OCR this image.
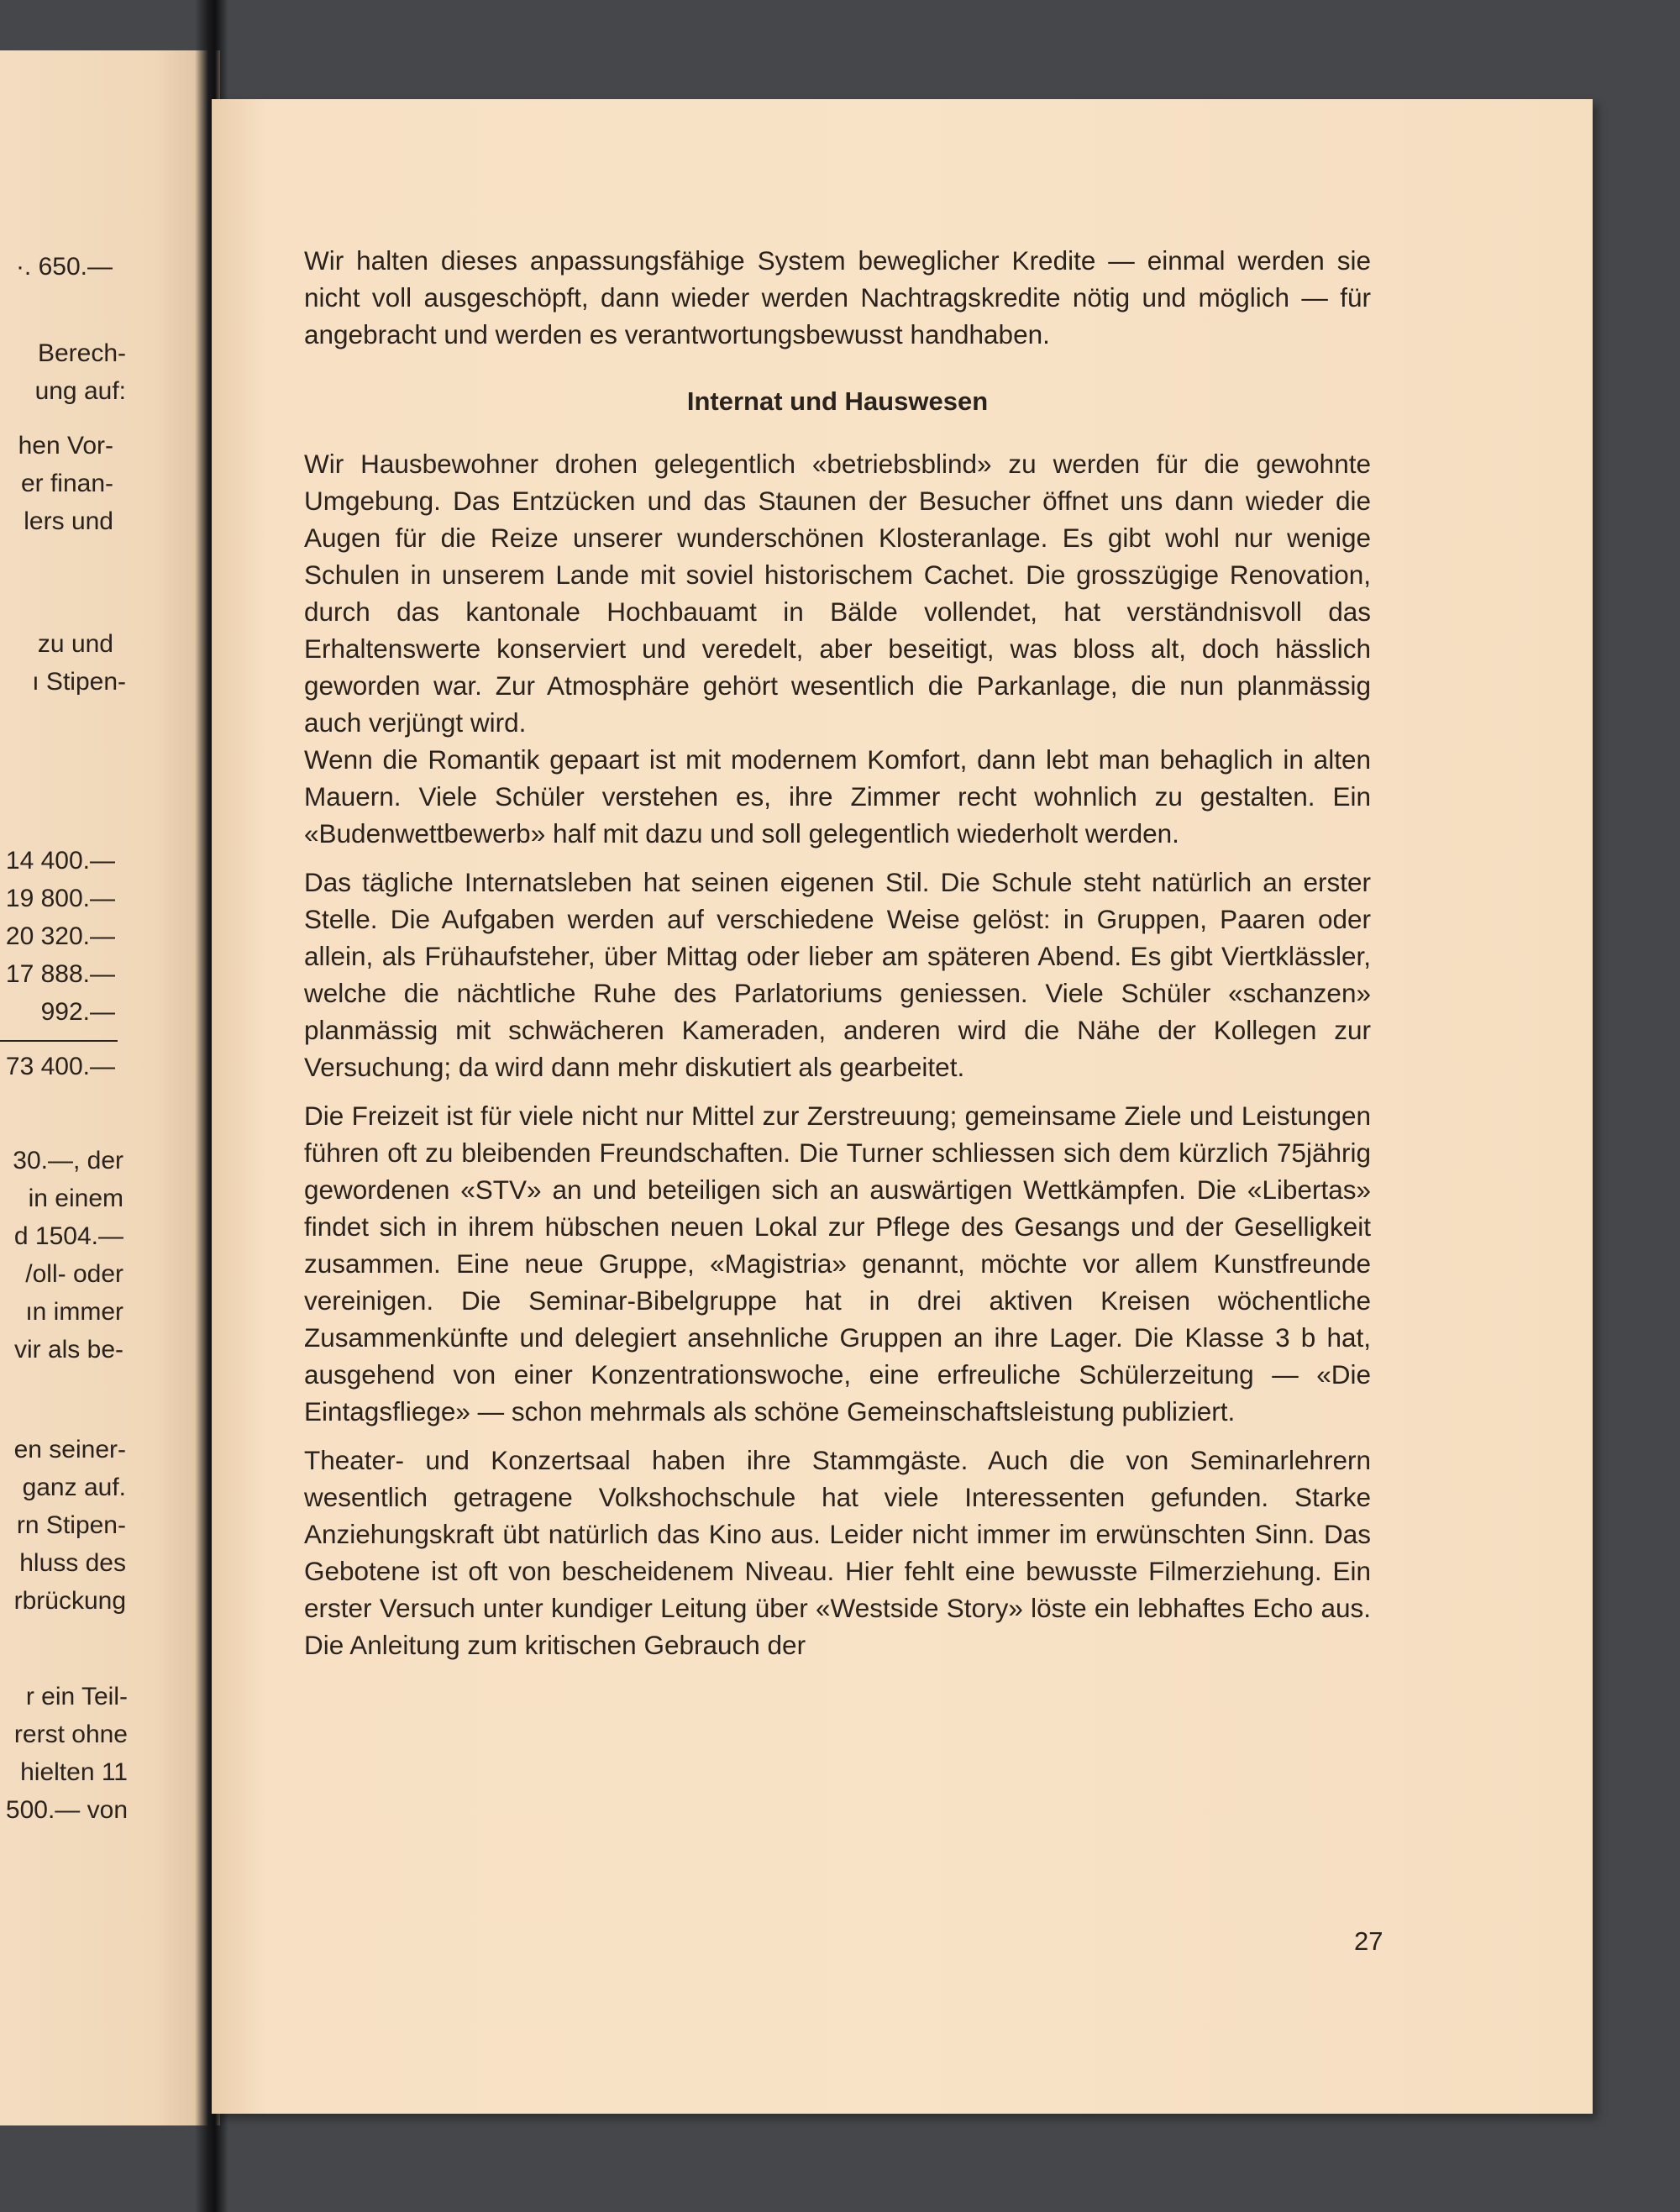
·. 650.—
Berech-
ung auf:
hen Vor-
er finan-
lers und
zu und
ı Stipen-
14 400.—
19 800.—
20 320.—
17 888.—
992.—
73 400.—
30.—, der
in einem
d 1504.—
/oll- oder
ın immer
vir als be-
en seiner-
ganz auf.
rn Stipen-
hluss des
rbrückung
r ein Teil-
rerst ohne
hielten 11
500.— von

Wir halten dieses anpassungsfähige System beweglicher Kredite — einmal werden sie nicht voll ausgeschöpft, dann wieder werden Nachtragskredite nötig und möglich — für angebracht und werden es verantwortungsbewusst handhaben.

Internat und Hauswesen

Wir Hausbewohner drohen gelegentlich «betriebsblind» zu werden für die gewohnte Umgebung. Das Entzücken und das Staunen der Besucher öffnet uns dann wieder die Augen für die Reize unserer wunderschönen Klosteranlage. Es gibt wohl nur wenige Schulen in unserem Lande mit soviel historischem Cachet. Die grosszügige Renovation, durch das kantonale Hochbauamt in Bälde vollendet, hat verständnisvoll das Erhaltenswerte konserviert und veredelt, aber beseitigt, was bloss alt, doch hässlich geworden war. Zur Atmosphäre gehört wesentlich die Parkanlage, die nun planmässig auch verjüngt wird.

Wenn die Romantik gepaart ist mit modernem Komfort, dann lebt man behaglich in alten Mauern. Viele Schüler verstehen es, ihre Zimmer recht wohnlich zu gestalten. Ein «Budenwettbewerb» half mit dazu und soll gelegentlich wiederholt werden.

Das tägliche Internatsleben hat seinen eigenen Stil. Die Schule steht natürlich an erster Stelle. Die Aufgaben werden auf verschiedene Weise gelöst: in Gruppen, Paaren oder allein, als Frühaufsteher, über Mittag oder lieber am späteren Abend. Es gibt Viertklässler, welche die nächtliche Ruhe des Parlatoriums geniessen. Viele Schüler «schanzen» planmässig mit schwächeren Kameraden, anderen wird die Nähe der Kollegen zur Versuchung; da wird dann mehr diskutiert als gearbeitet.

Die Freizeit ist für viele nicht nur Mittel zur Zerstreuung; gemeinsame Ziele und Leistungen führen oft zu bleibenden Freundschaften. Die Turner schliessen sich dem kürzlich 75jährig gewordenen «STV» an und beteiligen sich an auswärtigen Wettkämpfen. Die «Libertas» findet sich in ihrem hübschen neuen Lokal zur Pflege des Gesangs und der Geselligkeit zusammen. Eine neue Gruppe, «Magistria» genannt, möchte vor allem Kunstfreunde vereinigen. Die Seminar-Bibelgruppe hat in drei aktiven Kreisen wöchentliche Zusammenkünfte und delegiert ansehnliche Gruppen an ihre Lager. Die Klasse 3 b hat, ausgehend von einer Konzentrationswoche, eine erfreuliche Schülerzeitung — «Die Eintagsfliege» — schon mehrmals als schöne Gemeinschaftsleistung publiziert.

Theater- und Konzertsaal haben ihre Stammgäste. Auch die von Seminarlehrern wesentlich getragene Volkshochschule hat viele Interessenten gefunden. Starke Anziehungskraft übt natürlich das Kino aus. Leider nicht immer im erwünschten Sinn. Das Gebotene ist oft von bescheidenem Niveau. Hier fehlt eine bewusste Filmerziehung. Ein erster Versuch unter kundiger Leitung über «Westside Story» löste ein lebhaftes Echo aus. Die Anleitung zum kritischen Gebrauch der

27
